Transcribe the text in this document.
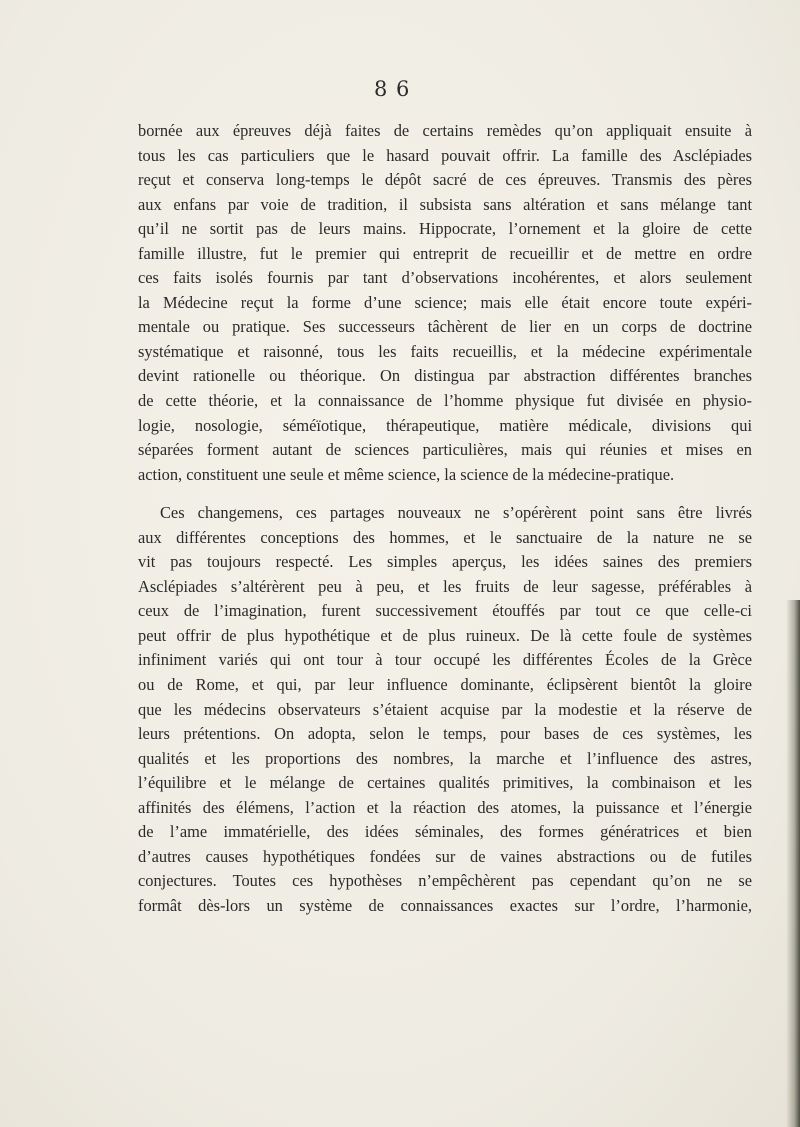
8 6
bornée aux épreuves déjà faites de certains remèdes qu’on appliquait ensuite à
tous les cas particuliers que le hasard pouvait offrir. La famille des Asclépiades
reçut et conserva long-temps le dépôt sacré de ces épreuves. Transmis des pères
aux enfans par voie de tradition, il subsista sans altération et sans mélange tant
qu’il ne sortit pas de leurs mains. Hippocrate, l’ornement et la gloire de cette
famille illustre, fut le premier qui entreprit de recueillir et de mettre en ordre
ces faits isolés fournis par tant d’observations incohérentes, et alors seulement
la Médecine reçut la forme d’une science; mais elle était encore toute expéri-
mentale ou pratique. Ses successeurs tâchèrent de lier en un corps de doctrine
systématique et raisonné, tous les faits recueillis, et la médecine expérimentale
devint rationelle ou théorique. On distingua par abstraction différentes branches
de cette théorie, et la connaissance de l’homme physique fut divisée en physio-
logie, nosologie, séméïotique, thérapeutique, matière médicale, divisions qui
séparées forment autant de sciences particulières, mais qui réunies et mises en
action, constituent une seule et même science, la science de la médecine-pratique.
Ces changemens, ces partages nouveaux ne s’opérèrent point sans être livrés
aux différentes conceptions des hommes, et le sanctuaire de la nature ne se
vit pas toujours respecté. Les simples aperçus, les idées saines des premiers
Asclépiades s’altérèrent peu à peu, et les fruits de leur sagesse, préférables à
ceux de l’imagination, furent successivement étouffés par tout ce que celle-ci
peut offrir de plus hypothétique et de plus ruineux. De là cette foule de systèmes
infiniment variés qui ont tour à tour occupé les différentes Écoles de la Grèce
ou de Rome, et qui, par leur influence dominante, éclipsèrent bientôt la gloire
que les médecins observateurs s’étaient acquise par la modestie et la réserve de
leurs prétentions. On adopta, selon le temps, pour bases de ces systèmes, les
qualités et les proportions des nombres, la marche et l’influence des astres,
l’équilibre et le mélange de certaines qualités primitives, la combinaison et les
affinités des élémens, l’action et la réaction des atomes, la puissance et l’énergie
de l’ame immatérielle, des idées séminales, des formes génératrices et bien
d’autres causes hypothétiques fondées sur de vaines abstractions ou de futiles
conjectures. Toutes ces hypothèses n’empêchèrent pas cependant qu’on ne se
formât dès-lors un système de connaissances exactes sur l’ordre, l’harmonie,
